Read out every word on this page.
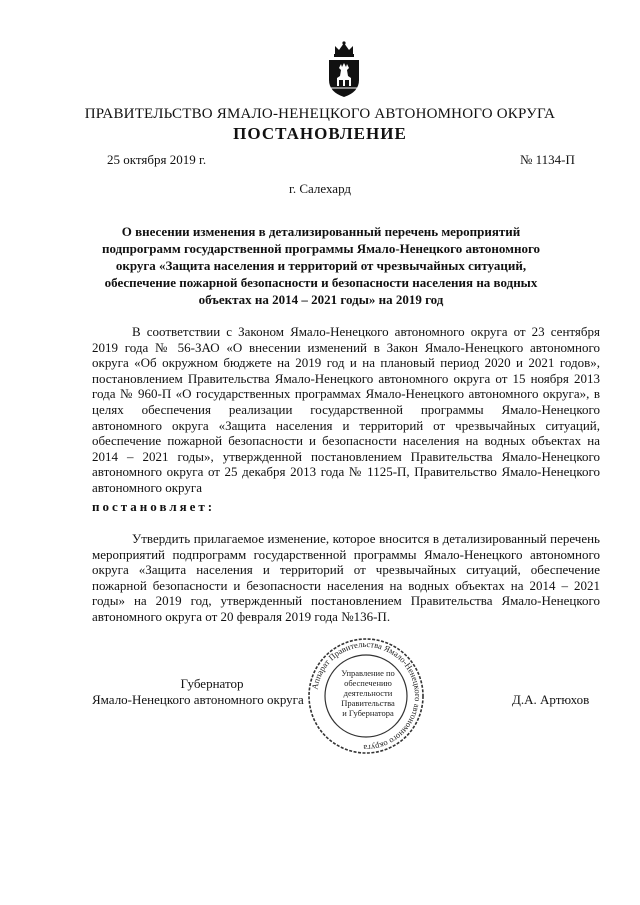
ПРАВИТЕЛЬСТВО ЯМАЛО-НЕНЕЦКОГО АВТОНОМНОГО ОКРУГА
ПОСТАНОВЛЕНИЕ
25 октября 2019 г.	№ 1134-П
г. Салехард
О внесении изменения в детализированный перечень мероприятий подпрограмм государственной программы Ямало-Ненецкого автономного округа «Защита населения и территорий от чрезвычайных ситуаций, обеспечение пожарной безопасности и безопасности населения на водных объектах на 2014 – 2021 годы» на 2019 год
В соответствии с Законом Ямало-Ненецкого автономного округа от 23 сентября 2019 года № 56-ЗАО «О внесении изменений в Закон Ямало-Ненецкого автономного округа «Об окружном бюджете на 2019 год и на плановый период 2020 и 2021 годов», постановлением Правительства Ямало-Ненецкого автономного округа от 15 ноября 2013 года № 960-П «О государственных программах Ямало-Ненецкого автономного округа», в целях обеспечения реализации государственной программы Ямало-Ненецкого автономного округа «Защита населения и территорий от чрезвычайных ситуаций, обеспечение пожарной безопасности и безопасности населения на водных объектах на 2014 – 2021 годы», утвержденной постановлением Правительства Ямало-Ненецкого автономного округа от 25 декабря 2013 года № 1125-П, Правительство Ямало-Ненецкого автономного округа
постановляет:
Утвердить прилагаемое изменение, которое вносится в детализированный перечень мероприятий подпрограмм государственной программы Ямало-Ненецкого автономного округа «Защита населения и территорий от чрезвычайных ситуаций, обеспечение пожарной безопасности и безопасности населения на водных объектах на 2014 – 2021 годы» на 2019 год, утвержденный постановлением Правительства Ямало-Ненецкого автономного округа от 20 февраля 2019 года №136-П.
Губернатор
Ямало-Ненецкого автономного округа	Д.А. Артюхов
Аппарат Правительства Ямало-Ненецкого автономного округа
Управление по
обеспечению
деятельности
Правительства
и Губернатора
